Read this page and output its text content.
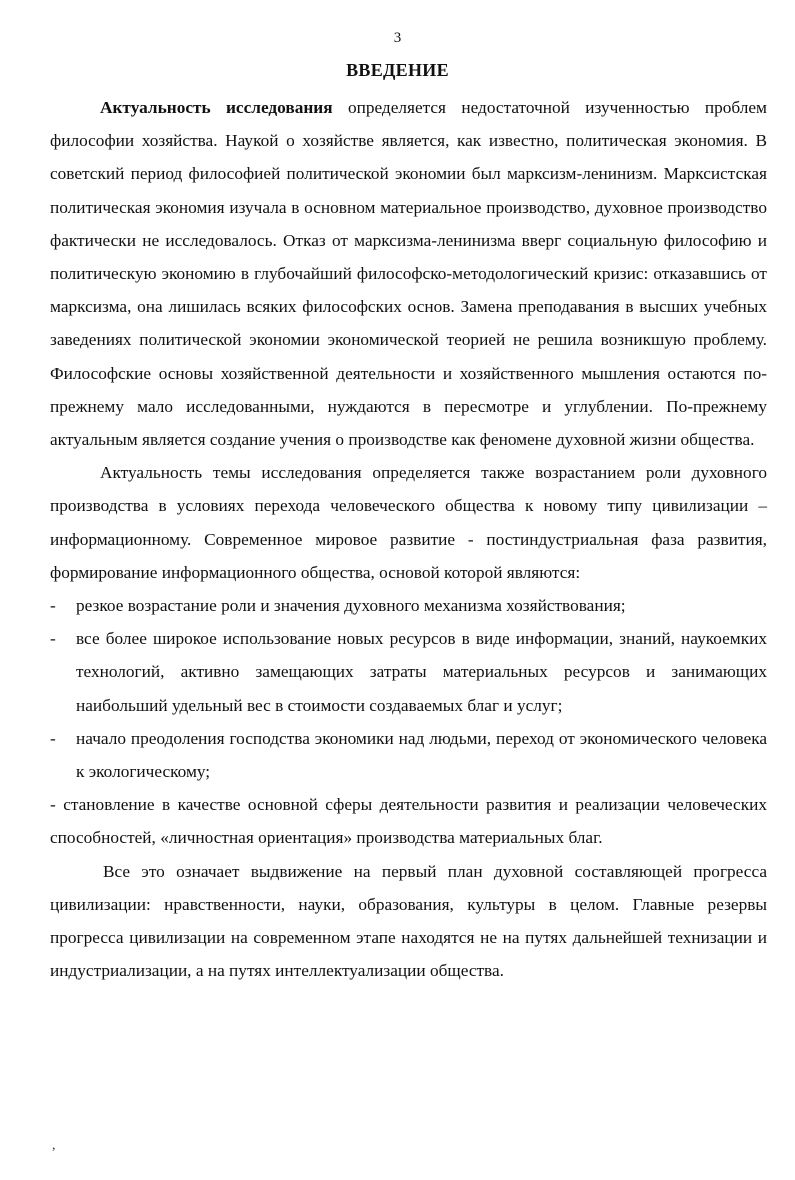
3
ВВЕДЕНИЕ

Актуальность исследования определяется недостаточной изученностью проблем философии хозяйства. Наукой о хозяйстве является, как известно, политическая экономия. В советский период философией политической экономии был марксизм-ленинизм. Марксистская политическая экономия изучала в основном материальное производство, духовное производство фактически не исследовалось. Отказ от марксизма-ленинизма вверг социальную философию и политическую экономию в глубочайший философско-методологический кризис: отказавшись от марксизма, она лишилась всяких философских основ. Замена преподавания в высших учебных заведениях политической экономии экономической теорией не решила возникшую проблему. Философские основы хозяйственной деятельности и хозяйственного мышления остаются по-прежнему мало исследованными, нуждаются в пересмотре и углублении. По-прежнему актуальным является создание учения о производстве как феномене духовной жизни общества.

Актуальность темы исследования определяется также возрастанием роли духовного производства в условиях перехода человеческого общества к новому типу цивилизации – информационному. Современное мировое развитие - постиндустриальная фаза развития, формирование информационного общества, основой которой являются:

- резкое возрастание роли и значения духовного механизма хозяйствования;
- все более широкое использование новых ресурсов в виде информации, знаний, наукоемких технологий, активно замещающих затраты материальных ресурсов и занимающих наибольший удельный вес в стоимости создаваемых благ и услуг;
- начало преодоления господства экономики над людьми, переход от экономического человека к экологическому;
- становление в качестве основной сферы деятельности развития и реализации человеческих способностей, «личностная ориентация» производства материальных благ.

Все это означает выдвижение на первый план духовной составляющей прогресса цивилизации: нравственности, науки, образования, культуры в целом. Главные резервы прогресса цивилизации на современном этапе находятся не на путях дальнейшей технизации и индустриализации, а на путях интеллектуализации общества.

,
